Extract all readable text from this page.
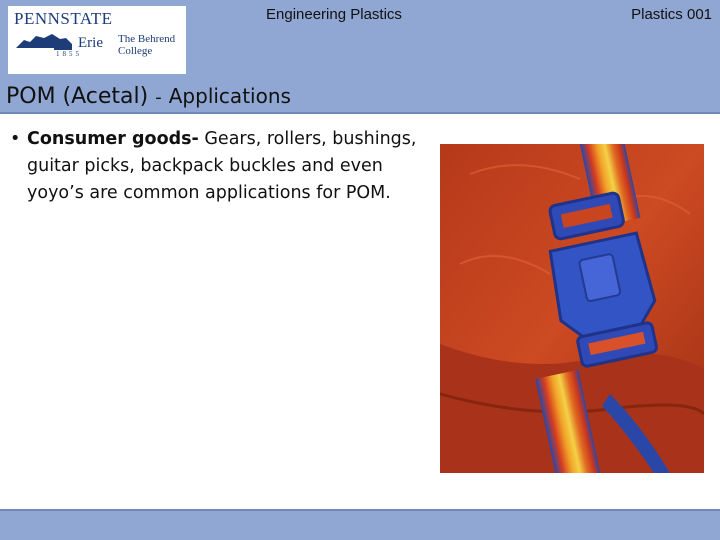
PENNSTATE
1855
Erie The Behrend
College
Engineering Plastics	Plastics 001
POM (Acetal) - Applications
• Consumer goods- Gears, rollers, bushings, guitar picks, backpack buckles and even yoyo’s are common applications for POM.
